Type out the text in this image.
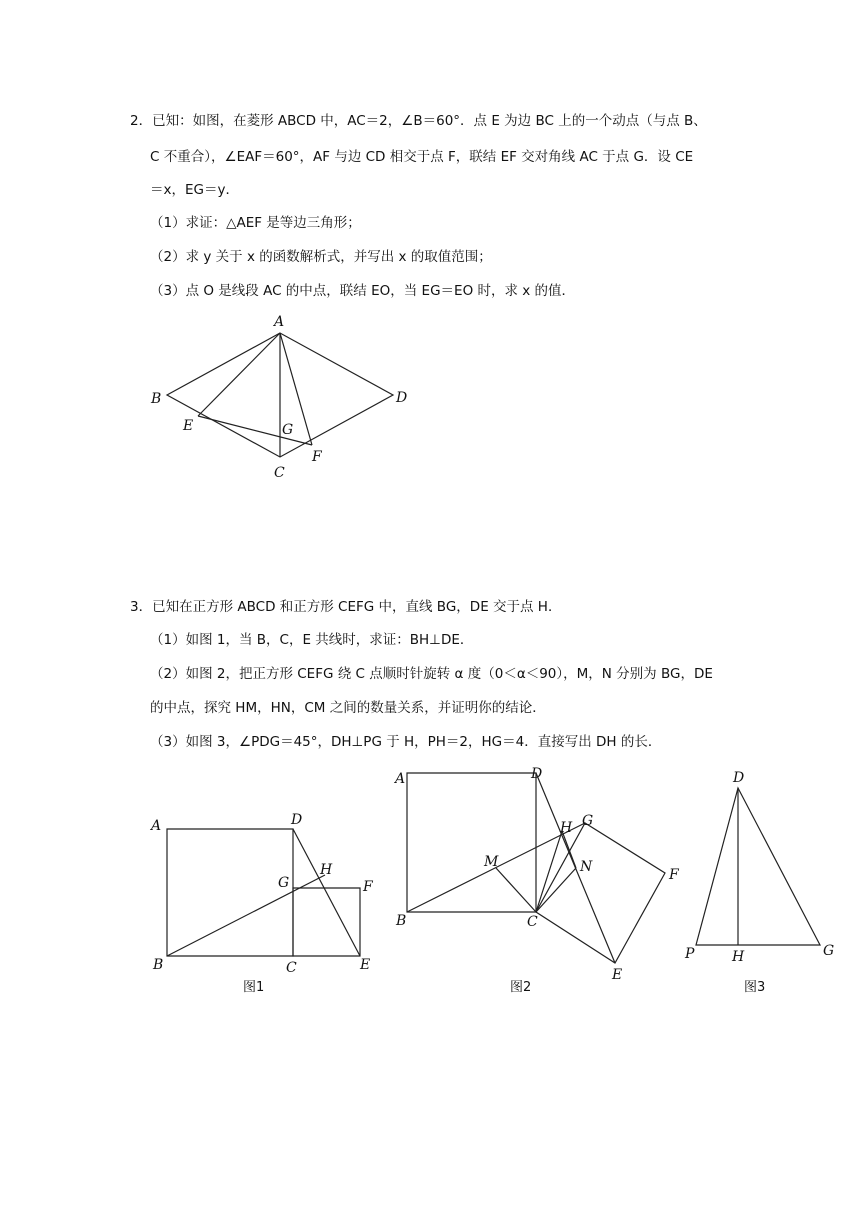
2．已知：如图，在菱形 ABCD 中，AC＝2，∠B＝60°．点 E 为边 BC 上的一个动点（与点 B、
C 不重合），∠EAF＝60°，AF 与边 CD 相交于点 F，联结 EF 交对角线 AC 于点 G．设 CE
＝x，EG＝y．
（1）求证：△AEF 是等边三角形；
（2）求 y 关于 x 的函数解析式，并写出 x 的取值范围；
（3）点 O 是线段 AC 的中点，联结 EO，当 EG＝EO 时，求 x 的值．
A
B	D
E	G
F
C
3．已知在正方形 ABCD 和正方形 CEFG 中，直线 BG，DE 交于点 H．
（1）如图 1，当 B，C，E 共线时，求证：BH⊥DE．
（2）如图 2，把正方形 CEFG 绕 C 点顺时针旋转 α 度（0＜α＜90），M，N 分别为 BG，DE
的中点，探究 HM，HN，CM 之间的数量关系，并证明你的结论．
（3）如图 3，∠PDG＝45°，DH⊥PG 于 H，PH＝2，HG＝4．直接写出 DH 的长．
A	D
H
G	F
B	C	E
图1
A	D
H G
M	N	F
B	C
E
图2
D
P	H	G
图3
